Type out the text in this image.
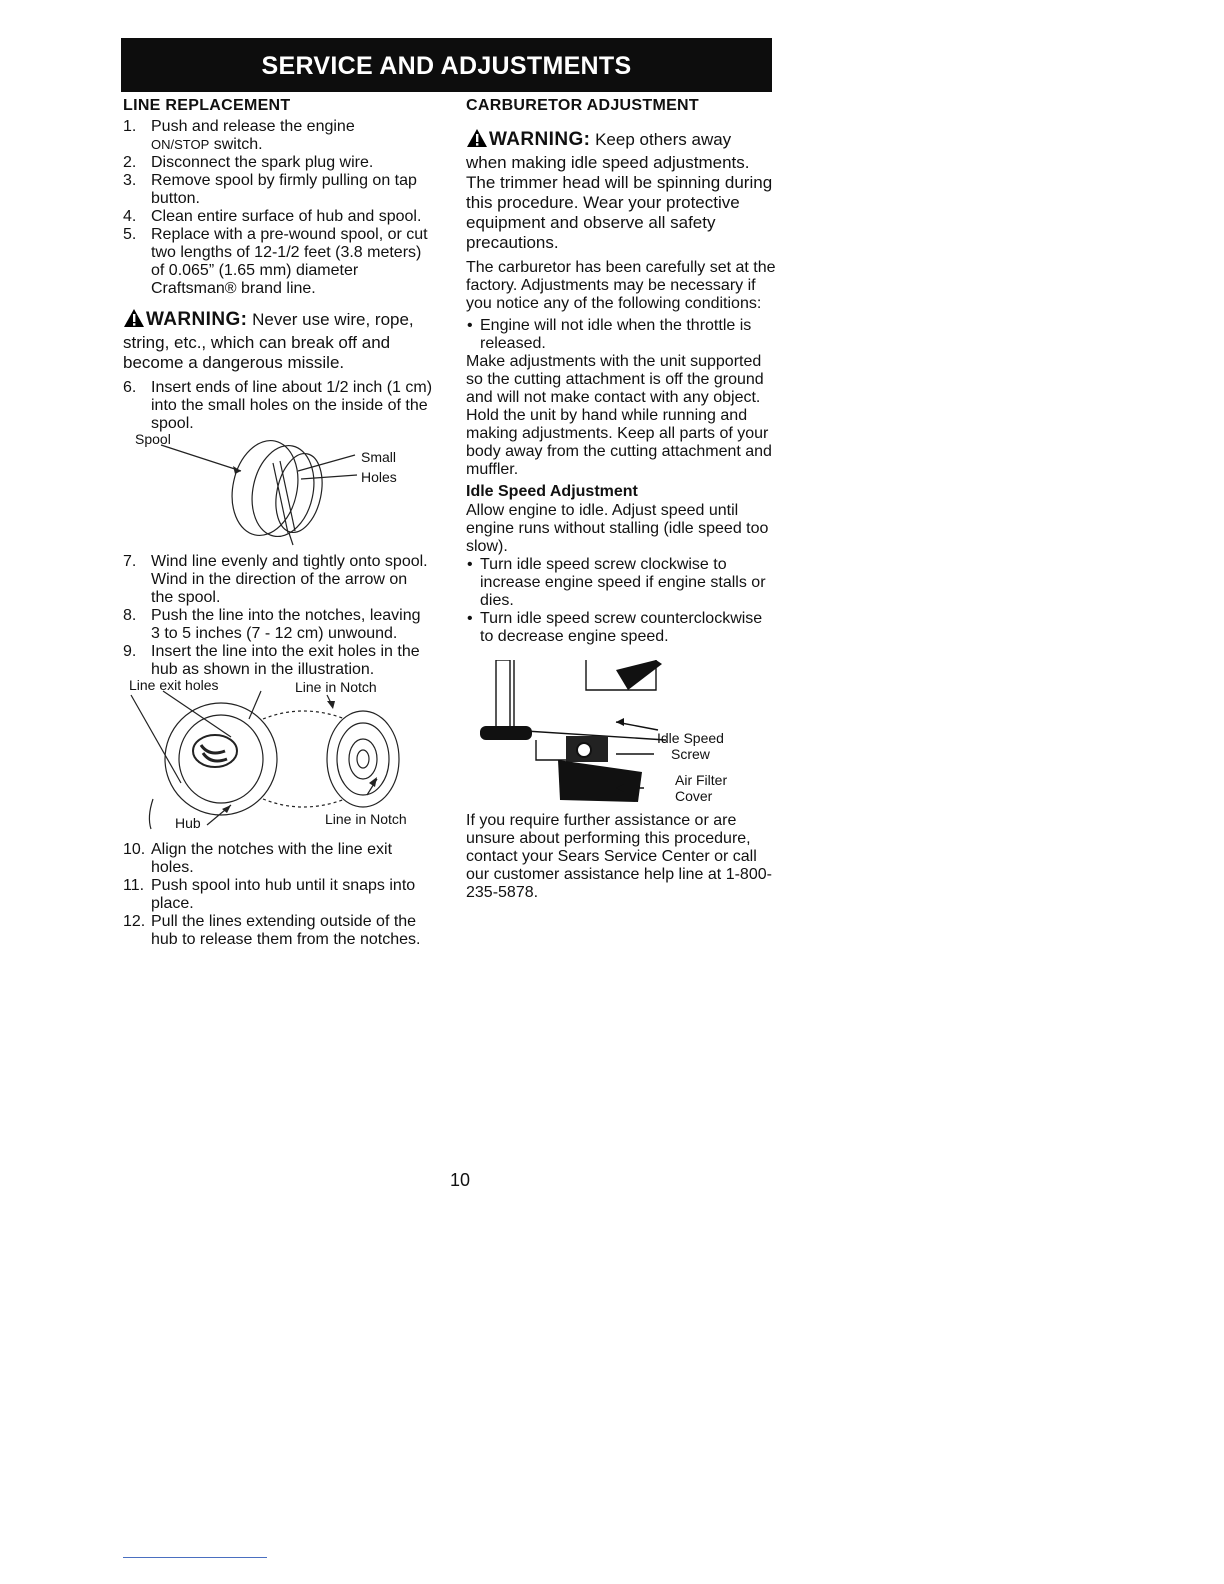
SERVICE AND ADJUSTMENTS
LINE REPLACEMENT
1. Push and release the engine
ON/STOP switch.
2. Disconnect the spark plug wire.
3. Remove spool by firmly pulling on tap button.
4. Clean entire surface of hub and spool.
5. Replace with a pre-wound spool, or cut two lengths of 12-1/2 feet (3.8 meters) of 0.065” (1.65 mm) diameter Craftsman® brand line.
WARNING: Never use wire, rope, string, etc., which can break off and become a dangerous missile.
6. Insert ends of line about 1/2 inch (1 cm) into the small holes on the inside of the spool.
Spool
Small
Holes
7. Wind line evenly and tightly onto spool. Wind in the direction of the arrow on the spool.
8. Push the line into the notches, leaving 3 to 5 inches (7 - 12 cm) unwound.
9. Insert the line into the exit holes in the hub as shown in the illustration.
Line exit holes	Line in Notch
Hub	Line in Notch
10. Align the notches with the line exit holes.
11. Push spool into hub until it snaps into place.
12. Pull the lines extending outside of the hub to release them from the notches.
CARBURETOR ADJUSTMENT
WARNING: Keep others away when making idle speed adjustments. The trimmer head will be spinning during this procedure. Wear your protective equipment and observe all safety precautions.

The carburetor has been carefully set at the factory. Adjustments may be necessary if you notice any of the following conditions:

• Engine will not idle when the throttle is released.

Make adjustments with the unit supported so the cutting attachment is off the ground and will not make contact with any object. Hold the unit by hand while running and making adjustments. Keep all parts of your body away from the cutting attachment and muffler.

Idle Speed Adjustment

Allow engine to idle. Adjust speed until engine runs without stalling (idle speed too slow).

• Turn idle speed screw clockwise to increase engine speed if engine stalls or dies.
• Turn idle speed screw counterclockwise to decrease engine speed.
Idle Speed
Screw
Air Filter
Cover

If you require further assistance or are unsure about performing this procedure, contact your Sears Service Center or call our customer assistance help line at 1-800-235-5878.

10
